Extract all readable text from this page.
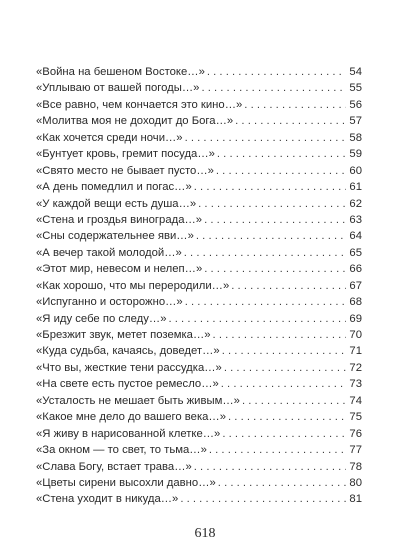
«Война на бешеном Востоке…» . . .	54
«Уплываю от вашей погоды…» . . .	55
«Все равно, чем кончается это кино…» . . .	56
«Молитва моя не доходит до Бога…» . . .	57
«Как хочется среди ночи…» . . .	58
«Бунтует кровь, гремит посуда…» . . .	59
«Свято место не бывает пусто…» . . .	60
«А день помедлил и погас…» . . .	61
«У каждой вещи есть душа…» . . .	62
«Стена и гроздья винограда…» . . .	63
«Сны содержательнее яви…» . . .	64
«А вечер такой молодой…» . . .	65
«Этот мир, невесом и нелеп…» . . .	66
«Как хорошо, что мы переродили…» . . .	67
«Испуганно и осторожно…» . . .	68
«Я иду себе по следу…» . . .	69
«Брезжит звук, метет поземка…» . . .	70
«Куда судьба, качаясь, доведет…» . . .	71
«Что вы, жесткие тени рассудка…» . . .	72
«На свете есть пустое ремесло…» . . .	73
«Усталость не мешает быть живым…» . . .	74
«Какое мне дело до вашего века…» . . .	75
«Я живу в нарисованной клетке…» . . .	76
«За окном — то свет, то тьма…» . . .	77
«Слава Богу, встает трава…» . . .	78
«Цветы сирени высохли давно…» . . .	80
«Стена уходит в никуда…» . . .	81
618
